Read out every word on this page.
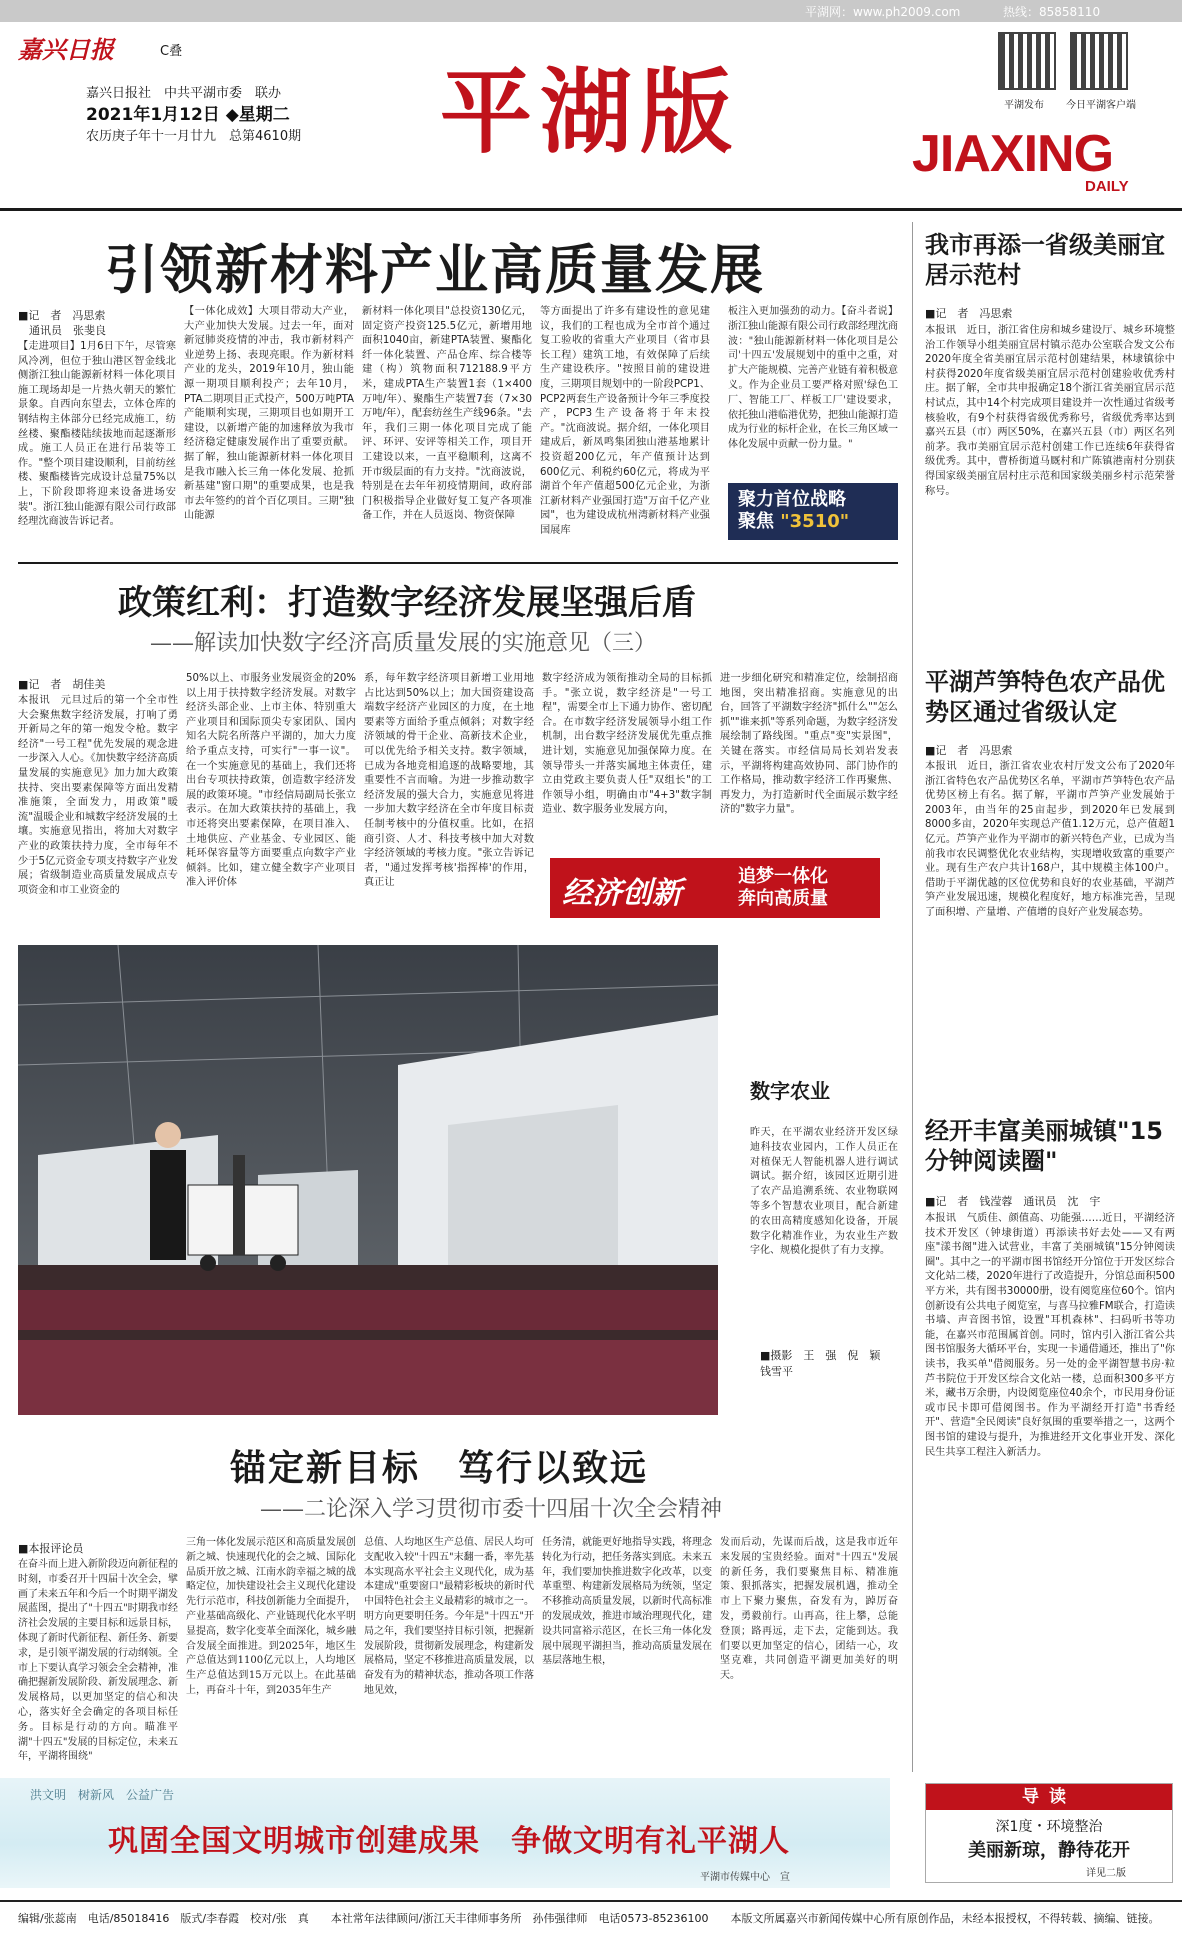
平湖网：www.ph2009.com	热线：85858110
嘉兴日报	C叠
嘉兴日报社　中共平湖市委　联办
2021年1月12日 ◆星期二
农历庚子年十一月廿九　总第4610期 平湖版	平湖发布 今日平湖客户端
JIAXING
DAILY
引领新材料产业高质量发展
■记　者　冯思索
　通讯员　张斐良
【走进项目】1月6日下午，尽管寒风冷冽，但位于独山港区智金线北侧浙江独山能源新材料一体化项目施工现场却是一片热火朝天的繁忙景象。自西向东望去，立体仓库的钢结构主体部分已经完成施工，纺丝楼、聚酯楼陆续拔地而起逐渐形成。施工人员正在进行吊装等工作。"整个项目建设顺利，目前纺丝楼、聚酯楼皆完成设计总量75%以上，下阶段即将迎来设备进场安装"。浙江独山能源有限公司行政部经理沈商波告诉记者。
【一体化成效】大项目带动大产业，大产业加快大发展。过去一年，面对新冠肺炎疫情的冲击，我市新材料产业逆势上扬、表现亮眼。作为新材料产业的龙头，2019年10月，独山能源一期项目顺利投产；去年10月，PTA二期项目正式投产，500万吨PTA产能顺利实现，三期项目也如期开工建设，以新增产能的加速释放为我市经济稳定健康发展作出了重要贡献。据了解，独山能源新材料一体化项目是我市融入长三角一体化发展、抢抓新基建"窗口期"的重要成果，也是我市去年签约的首个百亿项目。三期"独山能源
新材料一体化项目"总投资130亿元，固定资产投资125.5亿元，新增用地面积1040亩，新建PTA装置、聚酯化纤一体化装置、产品仓库、综合楼等建（构）筑物面积712188.9平方米，建成PTA生产装置1套（1×400万吨/年）、聚酯生产装置7套（7×30万吨/年），配套纺丝生产线96条。"去年，我们三期一体化项目完成了能评、环评、安评等相关工作，项目开工建设以来，一直平稳顺利，这离不开市级层面的有力支持。"沈商波说，特别是在去年年初疫情期间，政府部门积极指导企业做好复工复产各项准备工作，并在人员返岗、物资保障
等方面提出了许多有建设性的意见建议，我们的工程也成为全市首个通过复工验收的省重大产业项目（省市县长工程）建筑工地，有效保障了后续生产建设秩序。"按照目前的建设进度，三期项目规划中的一阶段PCP1、PCP2两套生产设备预计今年三季度投产，PCP3生产设备将于年末投产。"沈商波说。据介绍，一体化项目建成后，新凤鸣集团独山港基地累计投资超200亿元，年产值预计达到600亿元、利税约60亿元，将成为平湖首个年产值超500亿元企业，为浙江新材料产业强国打造"万亩千亿产业园"，也为建设成杭州湾新材料产业强国展库
板注入更加强劲的动力。【奋斗者说】浙江独山能源有限公司行政部经理沈商波："独山能源新材料一体化项目是公司'十四五'发展规划中的重中之重，对扩大产能规模、完善产业链有着积极意义。作为企业员工要严格对照'绿色工厂、智能工厂、样板工厂'建设要求，依托独山港临港优势，把独山能源打造成为行业的标杆企业，在长三角区域一体化发展中贡献一份力量。"
聚力首位战略
聚焦 "3510"
政策红利：打造数字经济发展坚强后盾
——解读加快数字经济高质量发展的实施意见（三）
■记　者　胡佳美
本报讯　元旦过后的第一个全市性大会聚焦数字经济发展，打响了勇开新局之年的第一炮发令枪。数字经济"一号工程"优先发展的观念进一步深入人心。《加快数字经济高质量发展的实施意见》加力加大政策扶持、突出要素保障等方面出发精准施策，全面发力，用政策"暖流"温暖企业和城数字经济发展的土壤。实施意见指出，将加大对数字产业的政策扶持力度，全市每年不少于5亿元资金专项支持数字产业发展；省级制造业高质量发展成点专项资金和市工业资金的
50%以上、市服务业发展资金的20%以上用于扶持数字经济发展。对数字经济头部企业、上市主体、特别重大产业项目和国际顶尖专家团队、国内知名大院名所落户平湖的，加大力度给予重点支持，可实行"一事一议"。在一个实施意见的基础上，我们还将出台专项扶持政策，创造数字经济发展的政策环境。"市经信局副局长张立表示。在加大政策扶持的基础上，我市还将突出要素保障，在项目准入、土地供应、产业基金、专业园区、能耗环保容量等方面要重点向数字产业倾斜。比如，建立健全数字产业项目准入评价体
系，每年数字经济项目新增工业用地占比达到50%以上；加大国资建设高端数字经济产业园区的力度，在土地要素等方面给予重点倾斜；对数字经济领域的骨干企业、高新技术企业，可以优先给予相关支持。数字领域，已成为各地竞相追逐的战略要地，其重要性不言而喻。为进一步推动数字经济发展的强大合力，实施意见将进一步加大数字经济在全市年度目标责任制考核中的分值权重。比如，在招商引资、人才、科技考核中加大对数字经济领域的考核力度。"张立告诉记者，"通过发挥考核'指挥棒'的作用，真正让
数字经济成为领衔推动全局的目标抓手。"张立说，数字经济是"一号工程"，需要全市上下通力协作、密切配合。在市数字经济发展领导小组工作机制，出台数字经济发展优先重点推进计划，实施意见加强保障力度。在领导带头一并落实属地主体责任，建立由党政主要负责人任"双组长"的工作领导小组，明确由市"4+3"数字制造业、数字服务业发展方向，
进一步细化研究和精准定位，绘制招商地图，突出精准招商。实施意见的出台，回答了平湖数字经济"抓什么""怎么抓""谁来抓"等系列命题，为数字经济发展绘制了路线图。"重点"变"实景图"，关键在落实。市经信局局长刘岩发表示，平湖将构建高效协同、部门协作的工作格局，推动数字经济工作再聚焦、再发力，为打造新时代全面展示数字经济的"数字力量"。
经济创新	追梦一体化
奔向高质量
数字农业
昨天，在平湖农业经济开发区绿迪科技农业园内，工作人员正在对植保无人智能机器人进行调试调试。据介绍，该园区近期引进了农产品追溯系统、农业物联网等多个智慧农业项目，配合新建的农田高精度感知化设备，开展数字化精准作业，为农业生产数字化、规模化提供了有力支撑。
■摄影　王　强　倪　颖　　钱雪平
锚定新目标　笃行以致远
——二论深入学习贯彻市委十四届十次全会精神
■本报评论员
在奋斗而上进入新阶段迈向新征程的时刻，市委召开十四届十次全会，擘画了未来五年和今后一个时期平湖发展蓝图，提出了"十四五"时期我市经济社会发展的主要目标和远景目标，体现了新时代新征程、新任务、新要求，是引领平湖发展的行动纲领。全市上下要认真学习领会全会精神，准确把握新发展阶段、新发展理念、新发展格局，以更加坚定的信心和决心，落实好全会确定的各项目标任务。目标是行动的方向。瞄准平湖"十四五"发展的目标定位，未来五年，平湖将围绕"
三角一体化发展示范区和高质量发展创新之城、快速现代化的会之城、国际化品质开放之城、江南水韵幸福之城的战略定位，加快建设社会主义现代化建设先行示范市，科技创新能力全面提升，产业基础高级化、产业链现代化水平明显提高，数字化变革全面深化，城乡融合发展全面推进。到2025年，地区生产总值达到1100亿元以上，人均地区生产总值达到15万元以上。在此基础上，再奋斗十年，到2035年生产
总值、人均地区生产总值、居民人均可支配收入较"十四五"末翻一番，率先基本实现高水平社会主义现代化，成为基本建成"重要窗口"最精彩板块的新时代中国特色社会主义最精彩的城市之一。明方向更要明任务。今年是"十四五"开局之年，我们要坚持目标引领，把握新发展阶段，贯彻新发展理念，构建新发展格局，坚定不移推进高质量发展，以奋发有为的精神状态，推动各项工作落地见效，
任务清，就能更好地指导实践，将理念转化为行动，把任务落实到底。未来五年，我们要加快推进数字化改革，以变革重塑、构建新发展格局为统领，坚定不移推动高质量发展，以新时代高标准的发展成效，推进市域治理现代化，建设共同富裕示范区，在长三角一体化发展中展现平湖担当，推动高质量发展在基层落地生根，
发而后动，先谋而后战，这是我市近年来发展的宝贵经验。面对"十四五"发展的新任务，我们要聚焦目标、精准施策、狠抓落实，把握发展机遇，推动全市上下聚力聚焦，奋发有为，踔厉奋发，勇毅前行。山再高，往上攀，总能登顶；路再远，走下去，定能到达。我们要以更加坚定的信心，团结一心，攻坚克难，共同创造平湖更加美好的明天。
我市再添一省级美丽宜居示范村
■记　者　冯思索
本报讯　近日，浙江省住房和城乡建设厅、城乡环境整治工作领导小组美丽宜居村镇示范办公室联合发文公布2020年度全省美丽宜居示范村创建结果，林埭镇徐中村获得2020年度省级美丽宜居示范村创建验收优秀村庄。据了解，全市共申报确定18个浙江省美丽宜居示范村试点，其中14个村完成项目建设并一次性通过省级考核验收，有9个村获得省级优秀称号，省级优秀率达到嘉兴五县（市）两区50%，在嘉兴五县（市）两区名列前茅。我市美丽宜居示范村创建工作已连续6年获得省级优秀。其中，曹桥街道马厩村和广陈镇港南村分别获得国家级美丽宜居村庄示范和国家级美丽乡村示范荣誉称号。
平湖芦笋特色农产品优势区通过省级认定
■记　者　冯思索
本报讯　近日，浙江省农业农村厅发文公布了2020年浙江省特色农产品优势区名单，平湖市芦笋特色农产品优势区榜上有名。据了解，平湖市芦笋产业发展始于2003年，由当年的25亩起步，到2020年已发展到8000多亩，2020年实现总产值1.12万元，总产值超1亿元。芦笋产业作为平湖市的新兴特色产业，已成为当前我市农民调整优化农业结构，实现增收致富的重要产业。现有生产农户共计168户，其中规模主体100户。借助于平湖优越的区位优势和良好的农业基础，平湖芦笋产业发展迅速，规模化程度好，地方标准完善，呈现了面积增、产量增、产值增的良好产业发展态势。
经开丰富美丽城镇"15分钟阅读圈"
■记　者　钱滢蓉　通讯员　沈　宇
本报讯　气质佳、颜值高、功能强……近日，平湖经济技术开发区（钟埭街道）再添读书好去处——又有两座"漾书阁"进入试营业，丰富了美丽城镇"15分钟阅读圈"。其中之一的平湖市图书馆经开分馆位于开发区综合文化站二楼，2020年进行了改造提升，分馆总面积500平方米，共有图书30000册，设有阅览座位60个。馆内创新设有公共电子阅览室，与喜马拉雅FM联合，打造读书墙、声音图书馆，设置"耳机森林"、扫码听书等功能，在嘉兴市范围属首创。同时，馆内引入浙江省公共图书馆服务大循环平台，实现一卡通借通还，推出了"你读书，我买单"借阅服务。另一处的金平湖智慧书房·粒芦书院位于开发区综合文化站一楼，总面积300多平方米，藏书万余册，内设阅览座位40余个，市民用身份证或市民卡即可借阅图书。作为平湖经开打造"书香经开"、营造"全民阅读"良好氛围的重要举措之一，这两个图书馆的建设与提升，为推进经开文化事业开发、深化民生共享工程注入新活力。
洪文明　树新风　公益广告
巩固全国文明城市创建成果　争做文明有礼平湖人
平湖市传媒中心　宣
导读
深1度・环境整治
美丽新琼，静待花开
详见二版
编辑/张蕊南　电话/85018416　版式/李春霞　校对/张　真　　本社常年法律顾问/浙江天丰律师事务所　孙伟强律师　电话0573-85236100　　本版文所属嘉兴市新闻传媒中心所有原创作品，未经本报授权，不得转载、摘编、链接。
